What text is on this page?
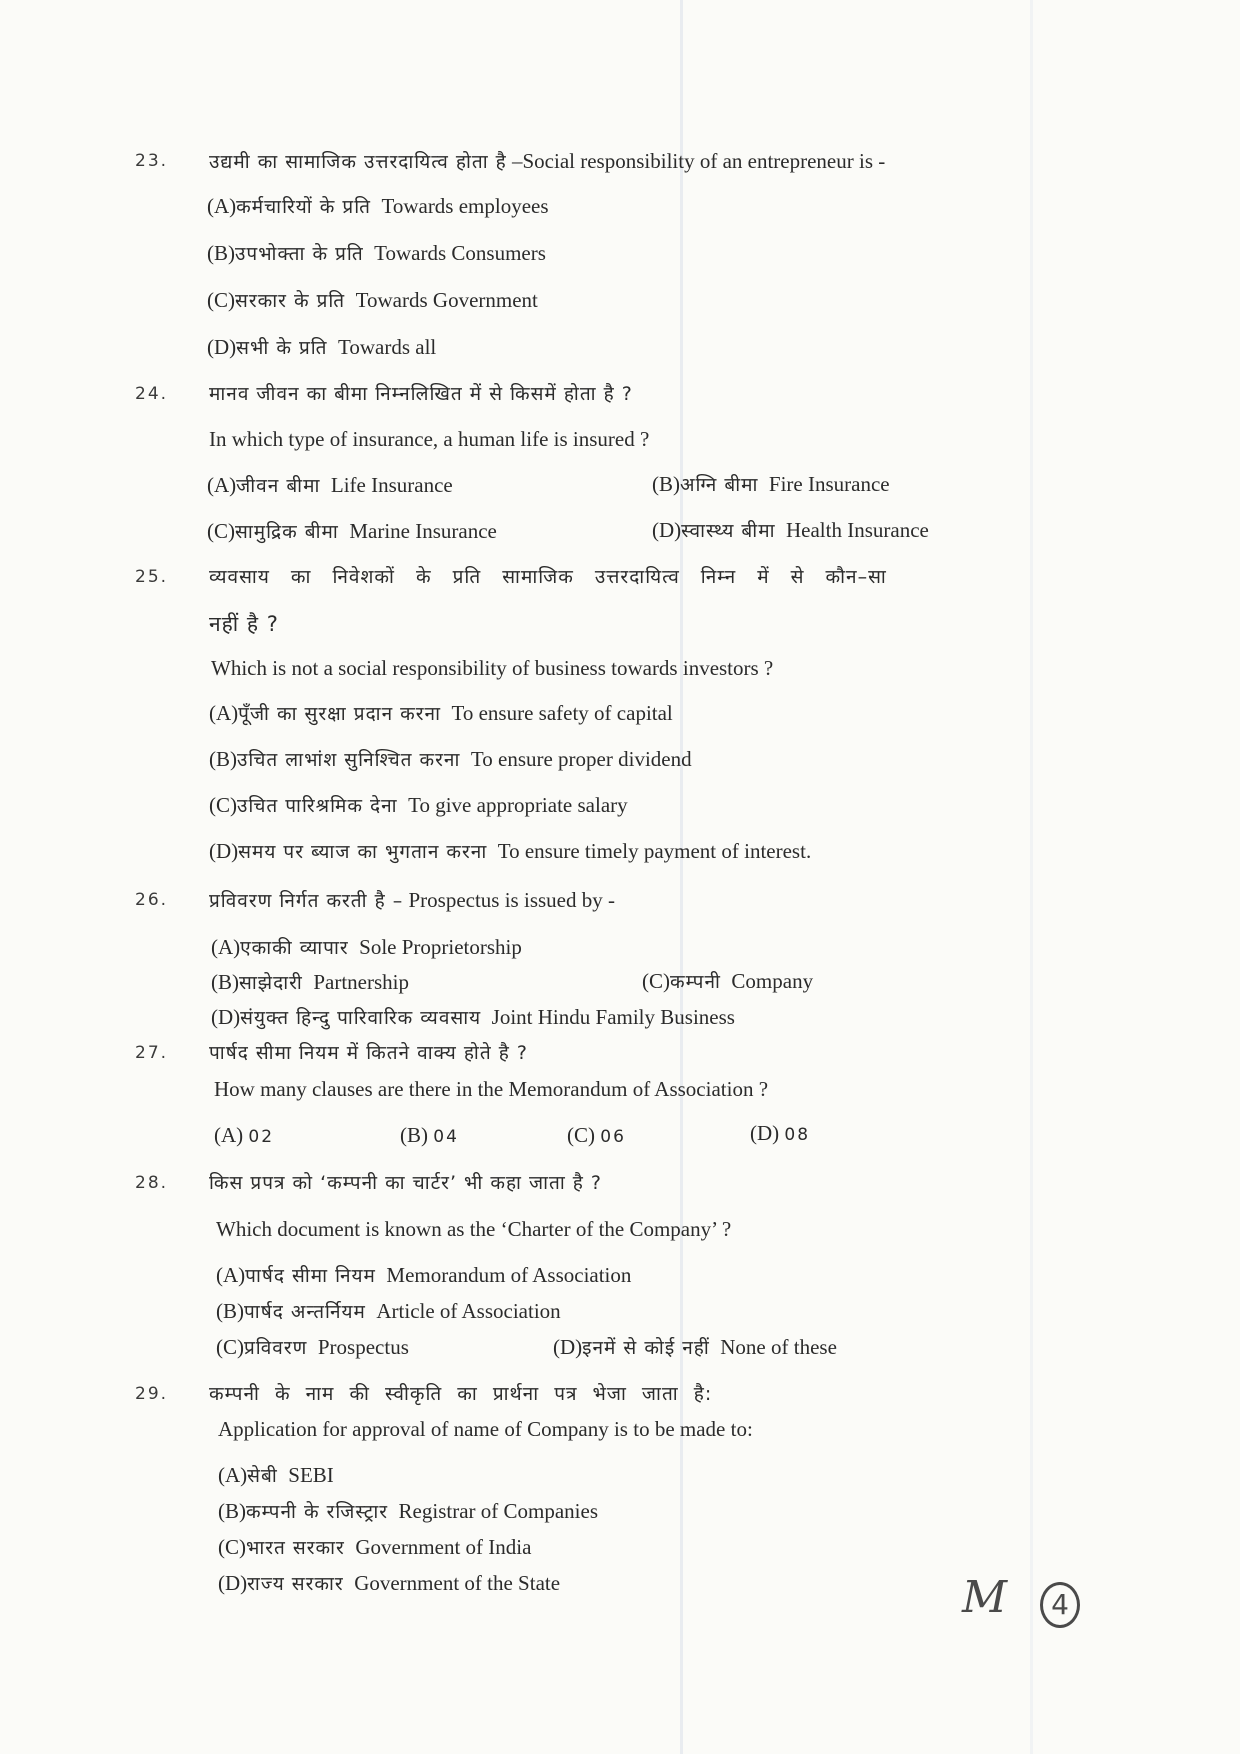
23. उद्यमी का सामाजिक उत्तरदायित्व होता है –Social responsibility of an entrepreneur is -
(A)कर्मचारियों के प्रति Towards employees
(B)उपभोक्ता के प्रति Towards Consumers
(C)सरकार के प्रति Towards Government
(D)सभी के प्रति Towards all
24. मानव जीवन का बीमा निम्नलिखित में से किसमें होता है ?
In which type of insurance, a human life is insured ?
(A)जीवन बीमा Life Insurance	(B)अग्नि बीमा Fire Insurance
(C)सामुद्रिक बीमा Marine Insurance	(D)स्वास्थ्य बीमा Health Insurance
25. व्यवसाय का निवेशकों के प्रति सामाजिक उत्तरदायित्व निम्न में से कौन–सा
नहीं है ?
Which is not a social responsibility of business towards investors ?
(A)पूँजी का सुरक्षा प्रदान करना To ensure safety of capital
(B)उचित लाभांश सुनिश्चित करना To ensure proper dividend
(C)उचित पारिश्रमिक देना To give appropriate salary
(D)समय पर ब्याज का भुगतान करना To ensure timely payment of interest.
26. प्रविवरण निर्गत करती है – Prospectus is issued by -
(A)एकाकी व्यापार Sole Proprietorship
(B)साझेदारी Partnership	(C)कम्पनी Company
(D)संयुक्त हिन्दु पारिवारिक व्यवसाय Joint Hindu Family Business
27. पार्षद सीमा नियम में कितने वाक्य होते है ?
How many clauses are there in the Memorandum of Association ?
(A) 02	(B) 04	(C) 06	(D) 08
28. किस प्रपत्र को ‘कम्पनी का चार्टर’ भी कहा जाता है ?
Which document is known as the ‘Charter of the Company’ ?
(A)पार्षद सीमा नियम Memorandum of Association
(B)पार्षद अन्तर्नियम Article of Association
(C)प्रविवरण Prospectus	(D)इनमें से कोई नहीं None of these
29. कम्पनी के नाम की स्वीकृति का प्रार्थना पत्र भेजा जाता है:
Application for approval of name of Company is to be made to:
(A)सेबी SEBI
(B)कम्पनी के रजिस्ट्रार Registrar of Companies
(C)भारत सरकार Government of India
(D)राज्य सरकार Government of the State	M	4
